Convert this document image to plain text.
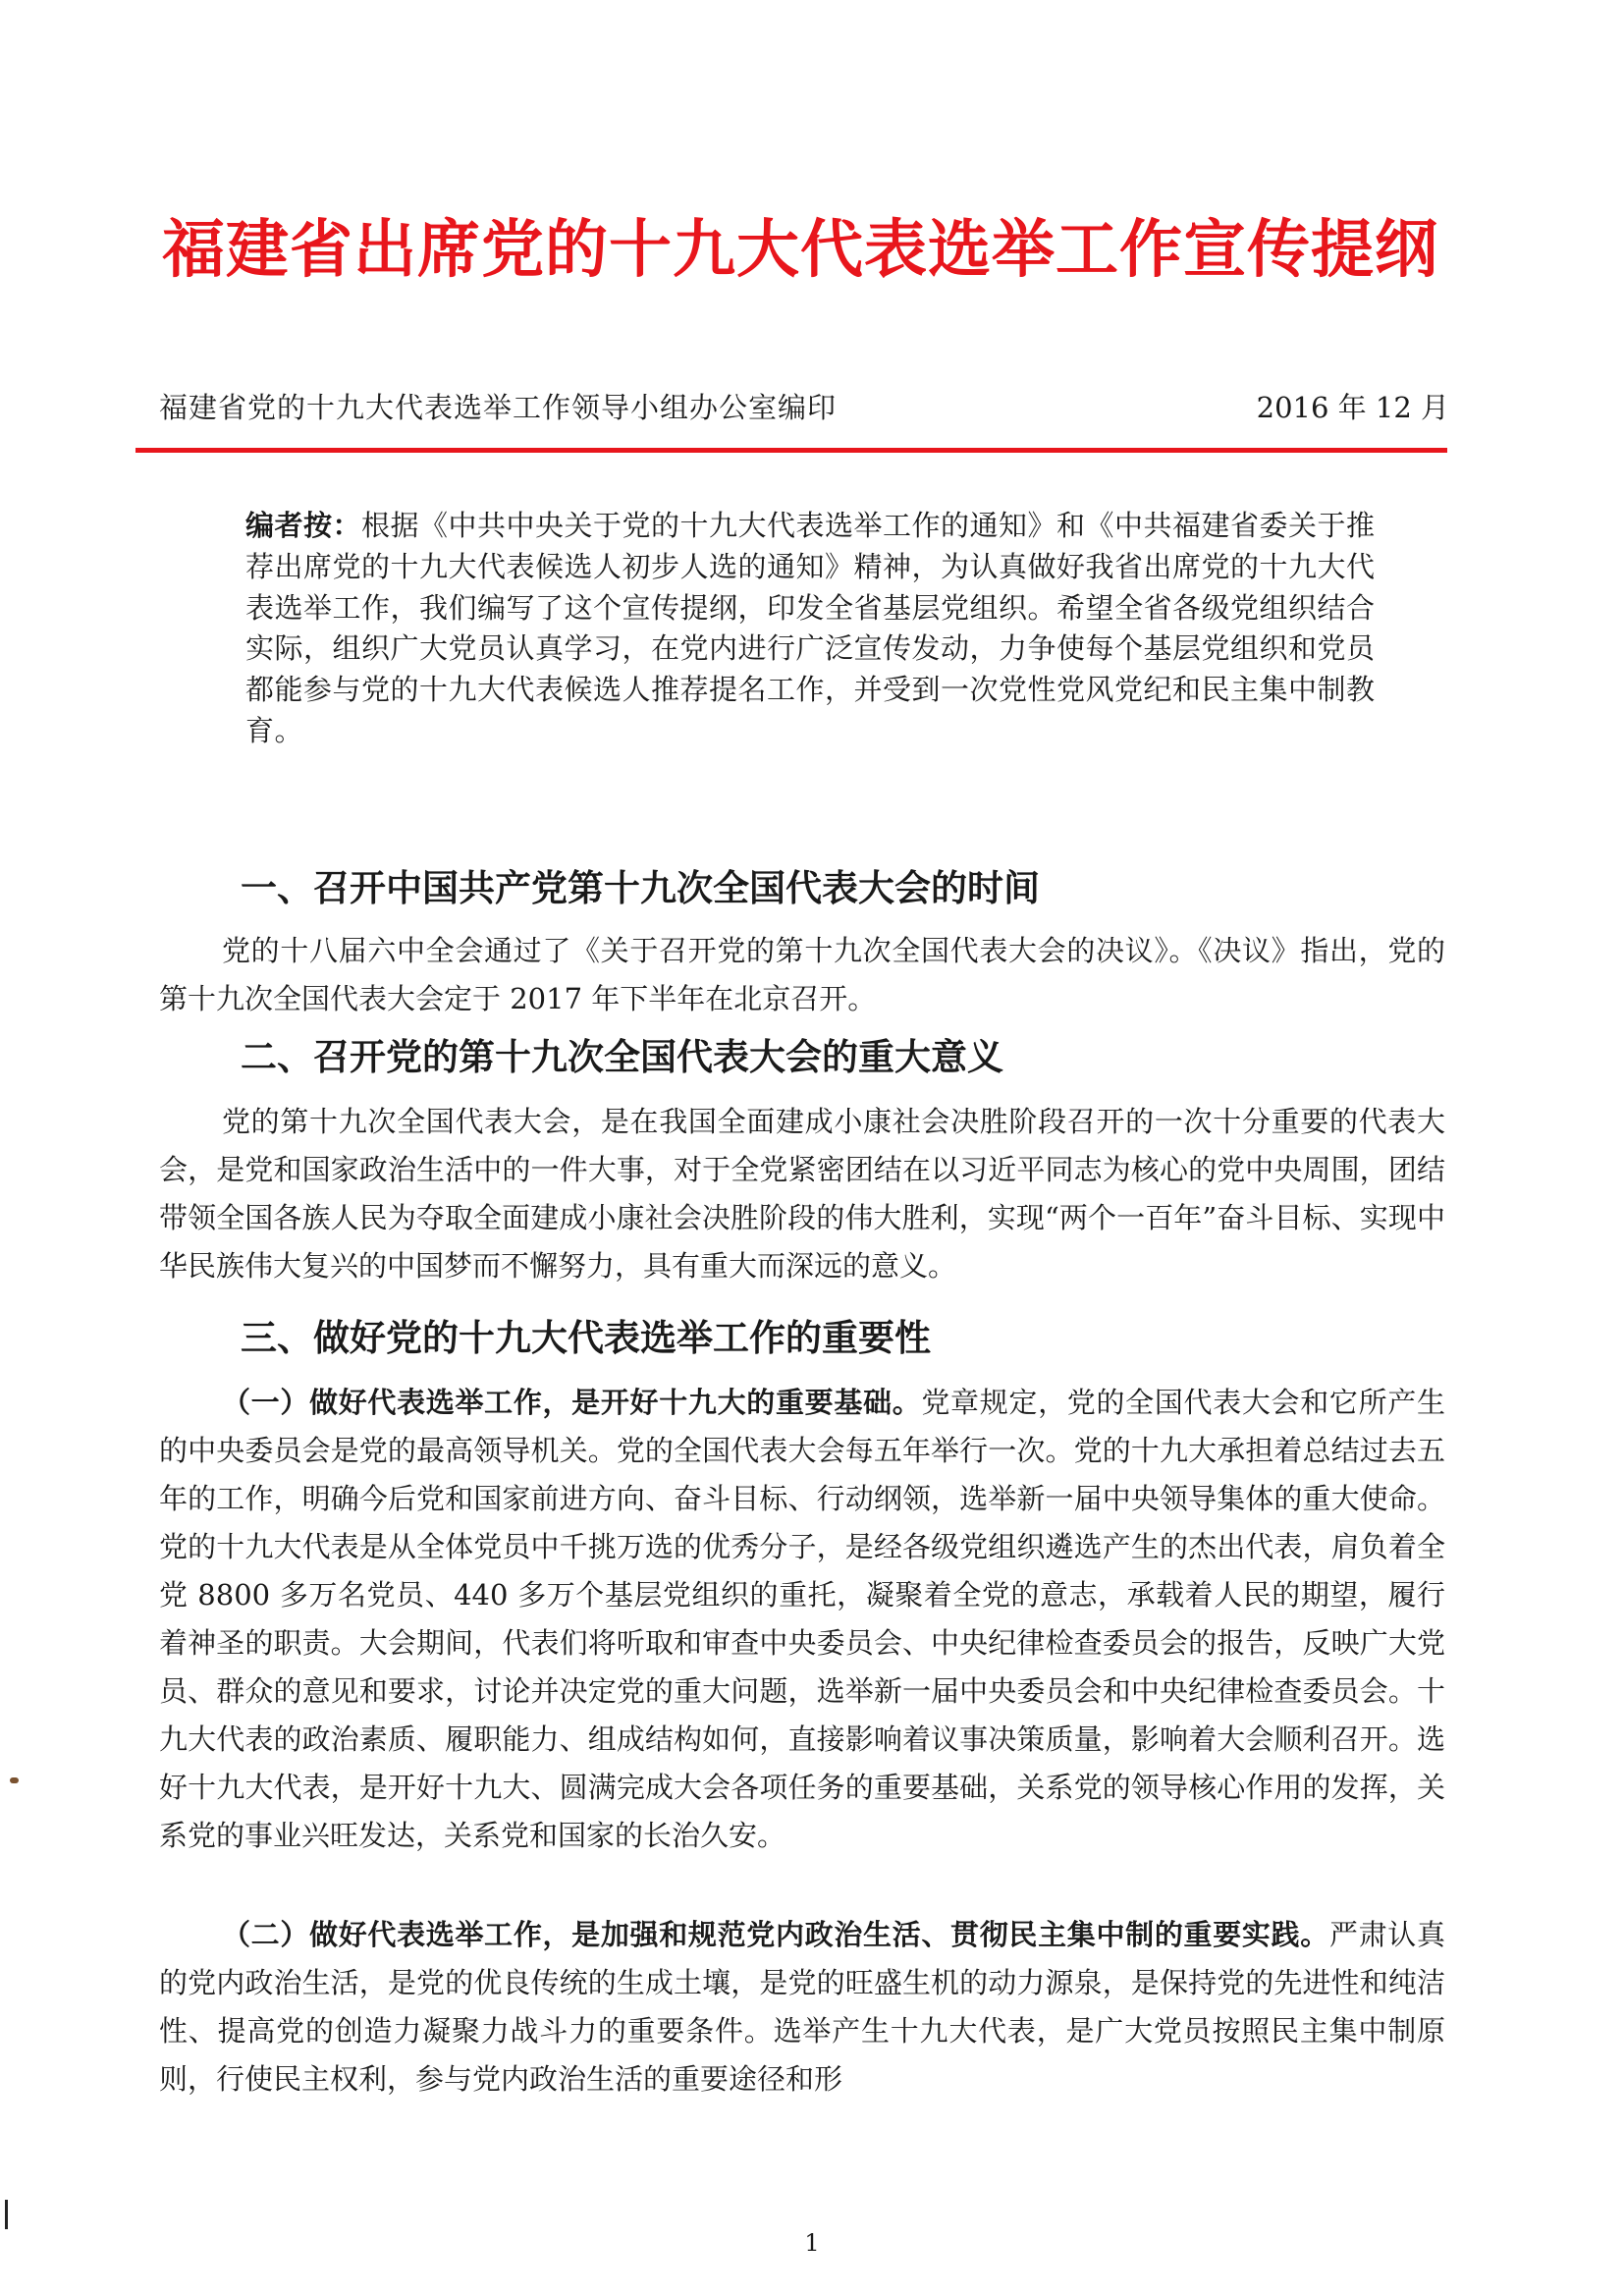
福建省出席党的十九大代表选举工作宣传提纲
福建省党的十九大代表选举工作领导小组办公室编印	2016 年 12 月
编者按：根据《中共中央关于党的十九大代表选举工作的通知》和《中共福建省委关于推荐出席党的十九大代表候选人初步人选的通知》精神，为认真做好我省出席党的十九大代表选举工作，我们编写了这个宣传提纲，印发全省基层党组织。希望全省各级党组织结合实际，组织广大党员认真学习，在党内进行广泛宣传发动，力争使每个基层党组织和党员都能参与党的十九大代表候选人推荐提名工作，并受到一次党性党风党纪和民主集中制教育。
一、召开中国共产党第十九次全国代表大会的时间

党的十八届六中全会通过了《关于召开党的第十九次全国代表大会的决议》。《决议》指出，党的第十九次全国代表大会定于 2017 年下半年在北京召开。

二、召开党的第十九次全国代表大会的重大意义

党的第十九次全国代表大会，是在我国全面建成小康社会决胜阶段召开的一次十分重要的代表大会，是党和国家政治生活中的一件大事，对于全党紧密团结在以习近平同志为核心的党中央周围，团结带领全国各族人民为夺取全面建成小康社会决胜阶段的伟大胜利，实现“两个一百年”奋斗目标、实现中华民族伟大复兴的中国梦而不懈努力，具有重大而深远的意义。

三、做好党的十九大代表选举工作的重要性

（一）做好代表选举工作，是开好十九大的重要基础。党章规定，党的全国代表大会和它所产生的中央委员会是党的最高领导机关。党的全国代表大会每五年举行一次。党的十九大承担着总结过去五年的工作，明确今后党和国家前进方向、奋斗目标、行动纲领，选举新一届中央领导集体的重大使命。党的十九大代表是从全体党员中千挑万选的优秀分子，是经各级党组织遴选产生的杰出代表，肩负着全党 8800 多万名党员、440 多万个基层党组织的重托，凝聚着全党的意志，承载着人民的期望，履行着神圣的职责。大会期间，代表们将听取和审查中央委员会、中央纪律检查委员会的报告，反映广大党员、群众的意见和要求，讨论并决定党的重大问题，选举新一届中央委员会和中央纪律检查委员会。十九大代表的政治素质、履职能力、组成结构如何，直接影响着议事决策质量，影响着大会顺利召开。选好十九大代表，是开好十九大、圆满完成大会各项任务的重要基础，关系党的领导核心作用的发挥，关系党的事业兴旺发达，关系党和国家的长治久安。

（二）做好代表选举工作，是加强和规范党内政治生活、贯彻民主集中制的重要实践。严肃认真的党内政治生活，是党的优良传统的生成土壤，是党的旺盛生机的动力源泉，是保持党的先进性和纯洁性、提高党的创造力凝聚力战斗力的重要条件。选举产生十九大代表，是广大党员按照民主集中制原则，行使民主权利，参与党内政治生活的重要途径和形

1
